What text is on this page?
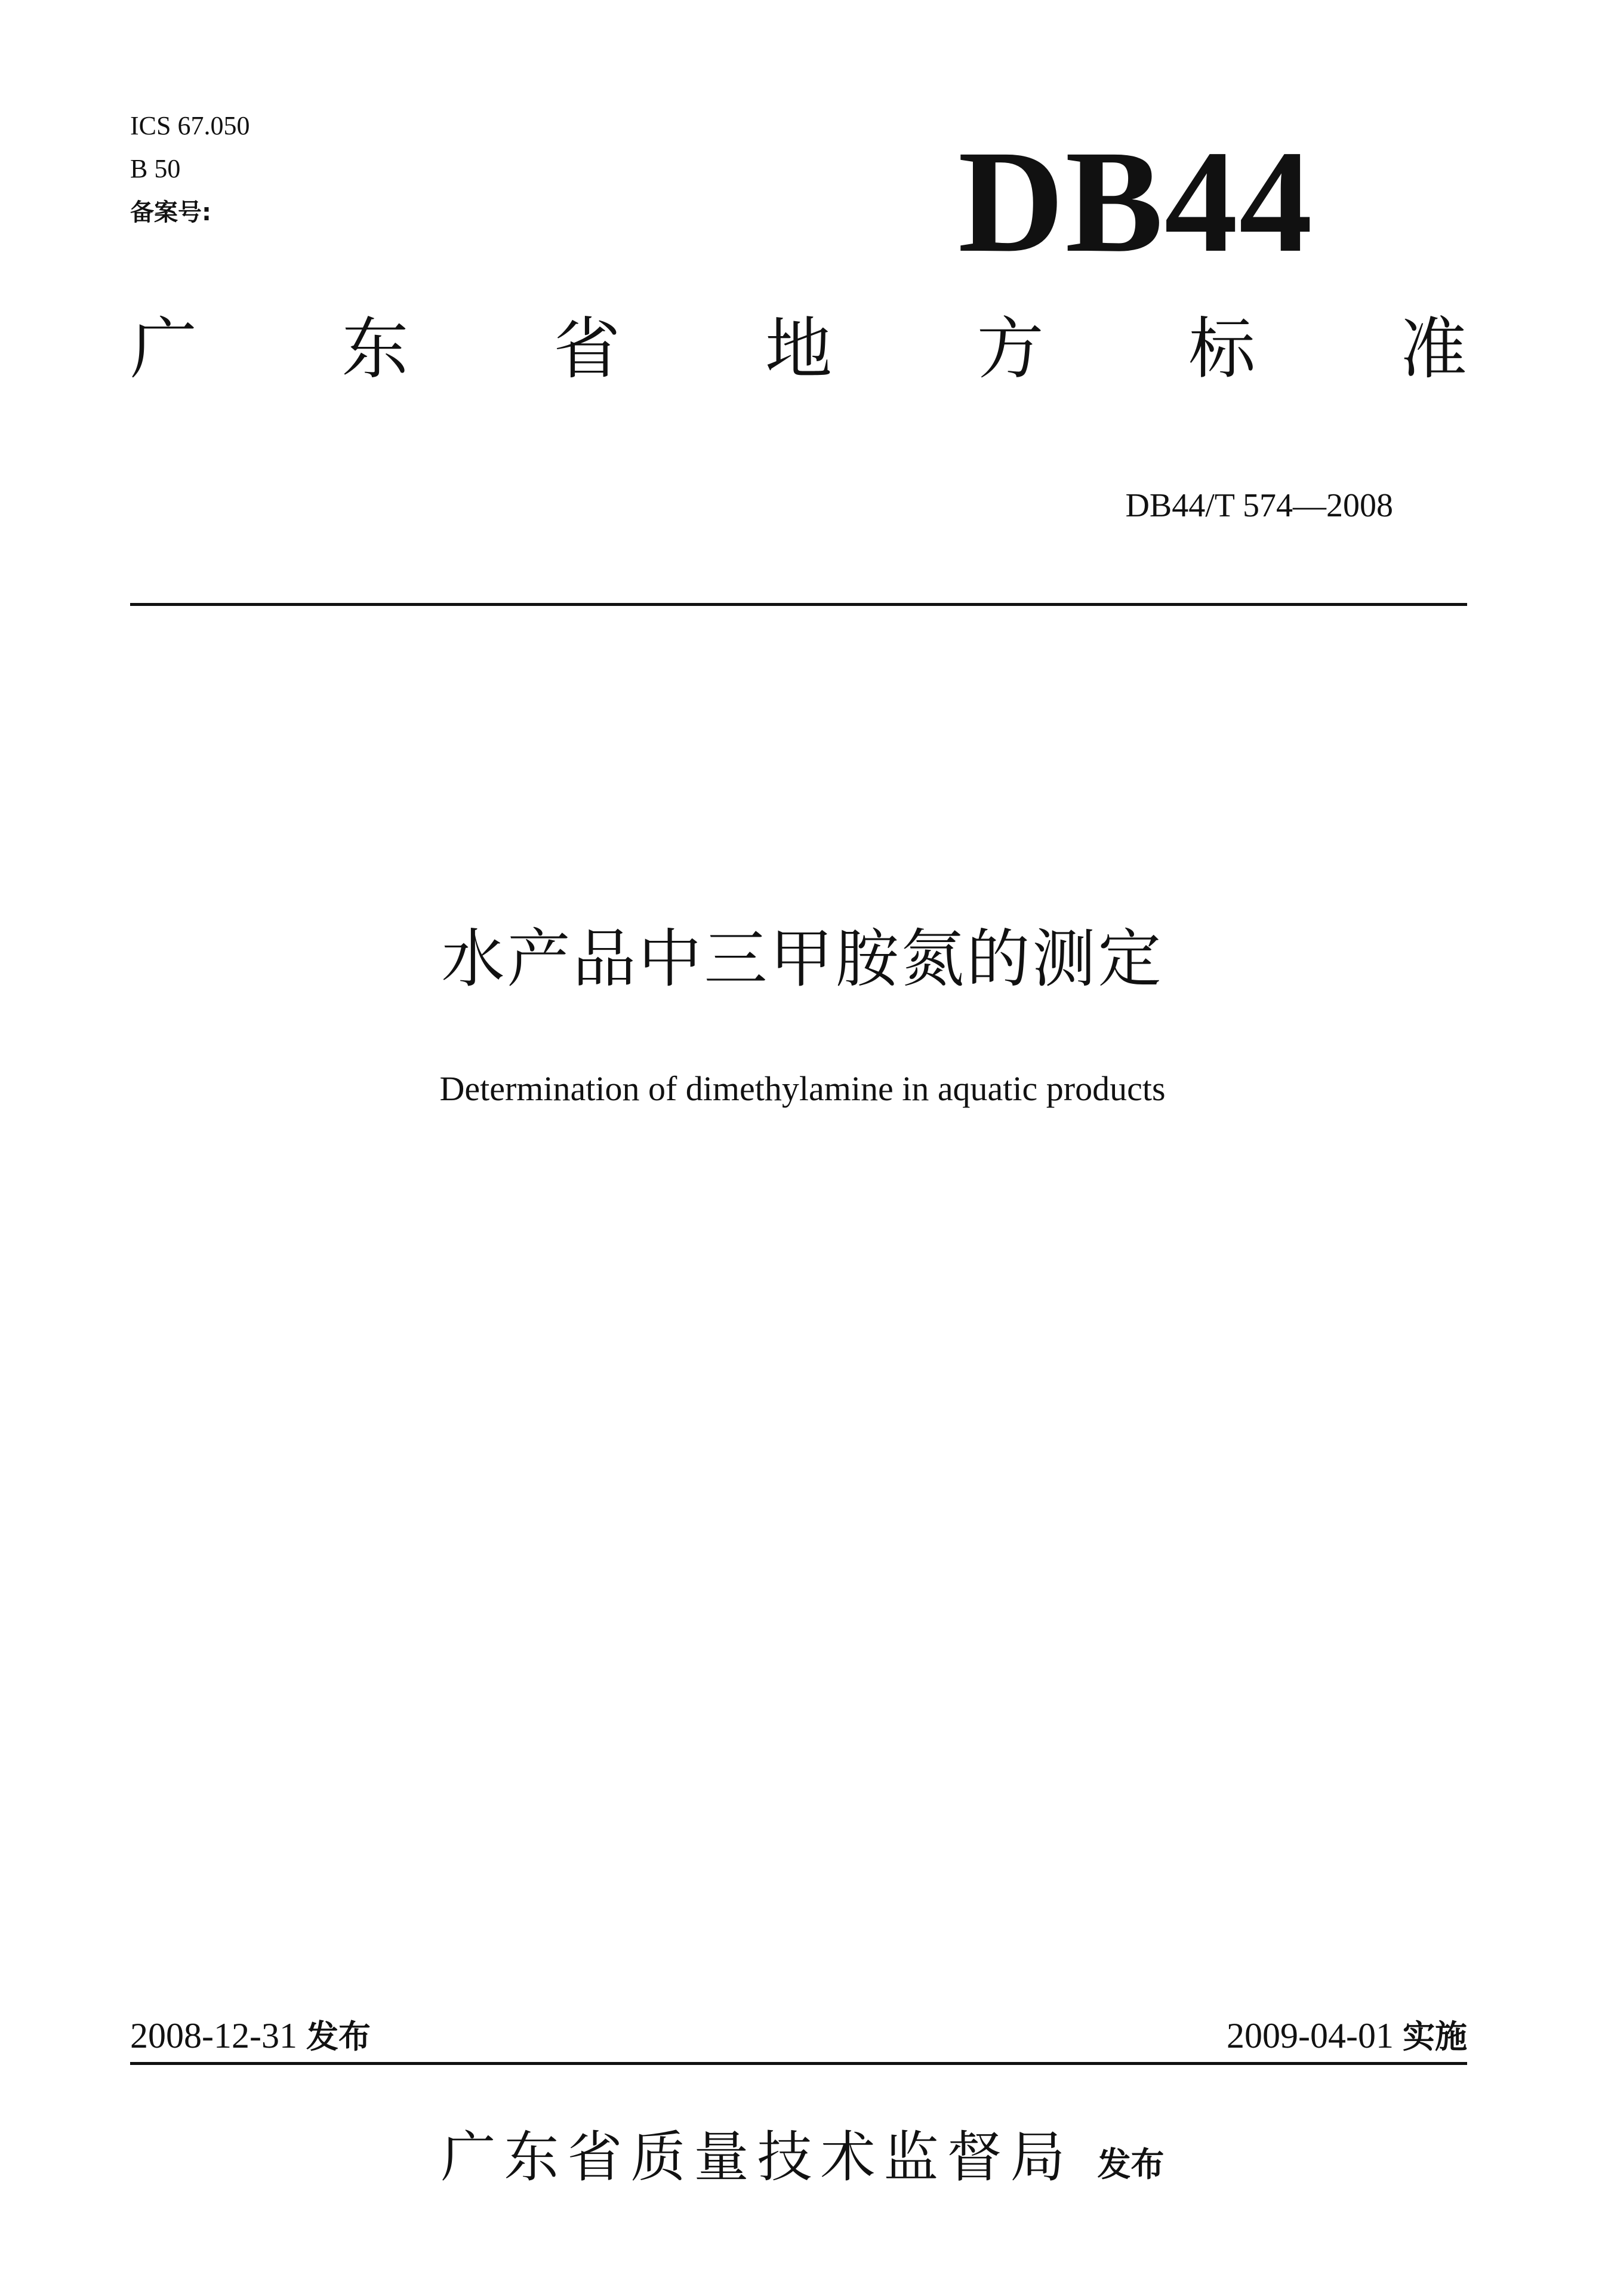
ICS 67.050
B 50
备案号:	DB44
广 东 省 地 方 标 准
DB44/T 574—2008
水产品中三甲胺氮的测定
Determination of dimethylamine in aquatic products
2008-12-31 发布	2009-04-01 实施
广东省质量技术监督局 发布
